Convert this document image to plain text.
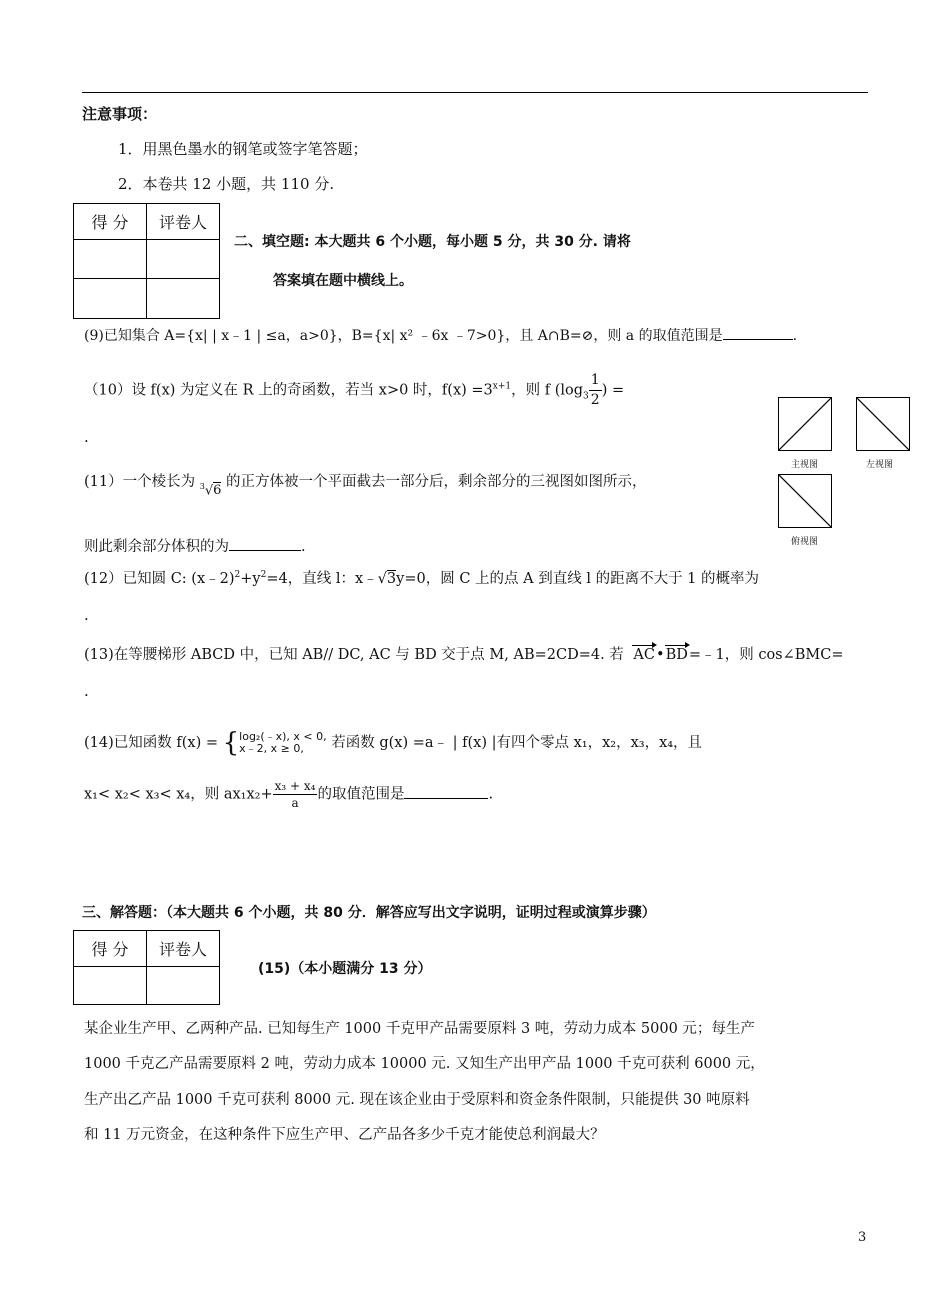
注意事项：
1．用黑色墨水的钢笔或签字笔答题；
2．本卷共 12 小题，共 110 分.
得 分	评卷人

二、填空题: 本大题共 6 个小题，每小题 5 分，共 30 分. 请将
答案填在题中横线上。
(9)已知集合 A={x| | x﹣1 | ≤a，a>0}，B={x| x² ﹣6x ﹣7>0}，且 A∩B=⊘，则 a 的取值范围是	.
（10）设 f(x) 为定义在 R 上的奇函数，若当 x>0 时，$f(x) =3^{x+1}$，则 f ($\log_3 \frac{1}{2}$ ) =
.
主视图	左视图
俯视图
(11）一个棱长为 $^3$√6 的正方体被一个平面截去一部分后，剩余部分的三视图如图所示，
则此剩余部分体积的为	.
(12）已知圆 C: $(x﹣2)^2+y^2=4$，直线 l：x﹣√3y=0，圆 C 上的点 A 到直线 l 的距离不大于 1 的概率为
.
(13)在等腰梯形 ABCD 中，已知 AB// DC, AC 与 BD 交于点 M, AB=2CD=4. 若 AC•BD=﹣1，则 cos∠BMC=
.
(14)已知函数 f(x) = { log₂(﹣x), x < 0,
x﹣2, x ≥ 0,	若函数 g(x) =a﹣ | f(x) |有四个零点 x₁，x₂，x₃，x₄，且
x₁< x₂< x₃< x₄，则 $ax_1x_2+ \frac{\text{x₃ + x₄}}{a}$ 的取值范围是	.
三、解答题：（本大题共 6 个小题，共 80 分．解答应写出文字说明，证明过程或演算步骤）
得 分	评卷人

(15)（本小题满分 13 分）
某企业生产甲、乙两种产品. 已知每生产 1000 千克甲产品需要原料 3 吨，劳动力成本 5000 元；每生产
1000 千克乙产品需要原料 2 吨，劳动力成本 10000 元. 又知生产出甲产品 1000 千克可获利 6000 元，
生产出乙产品 1000 千克可获利 8000 元. 现在该企业由于受原料和资金条件限制，只能提供 30 吨原料
和 11 万元资金，在这种条件下应生产甲、乙产品各多少千克才能使总利润最大？
3
